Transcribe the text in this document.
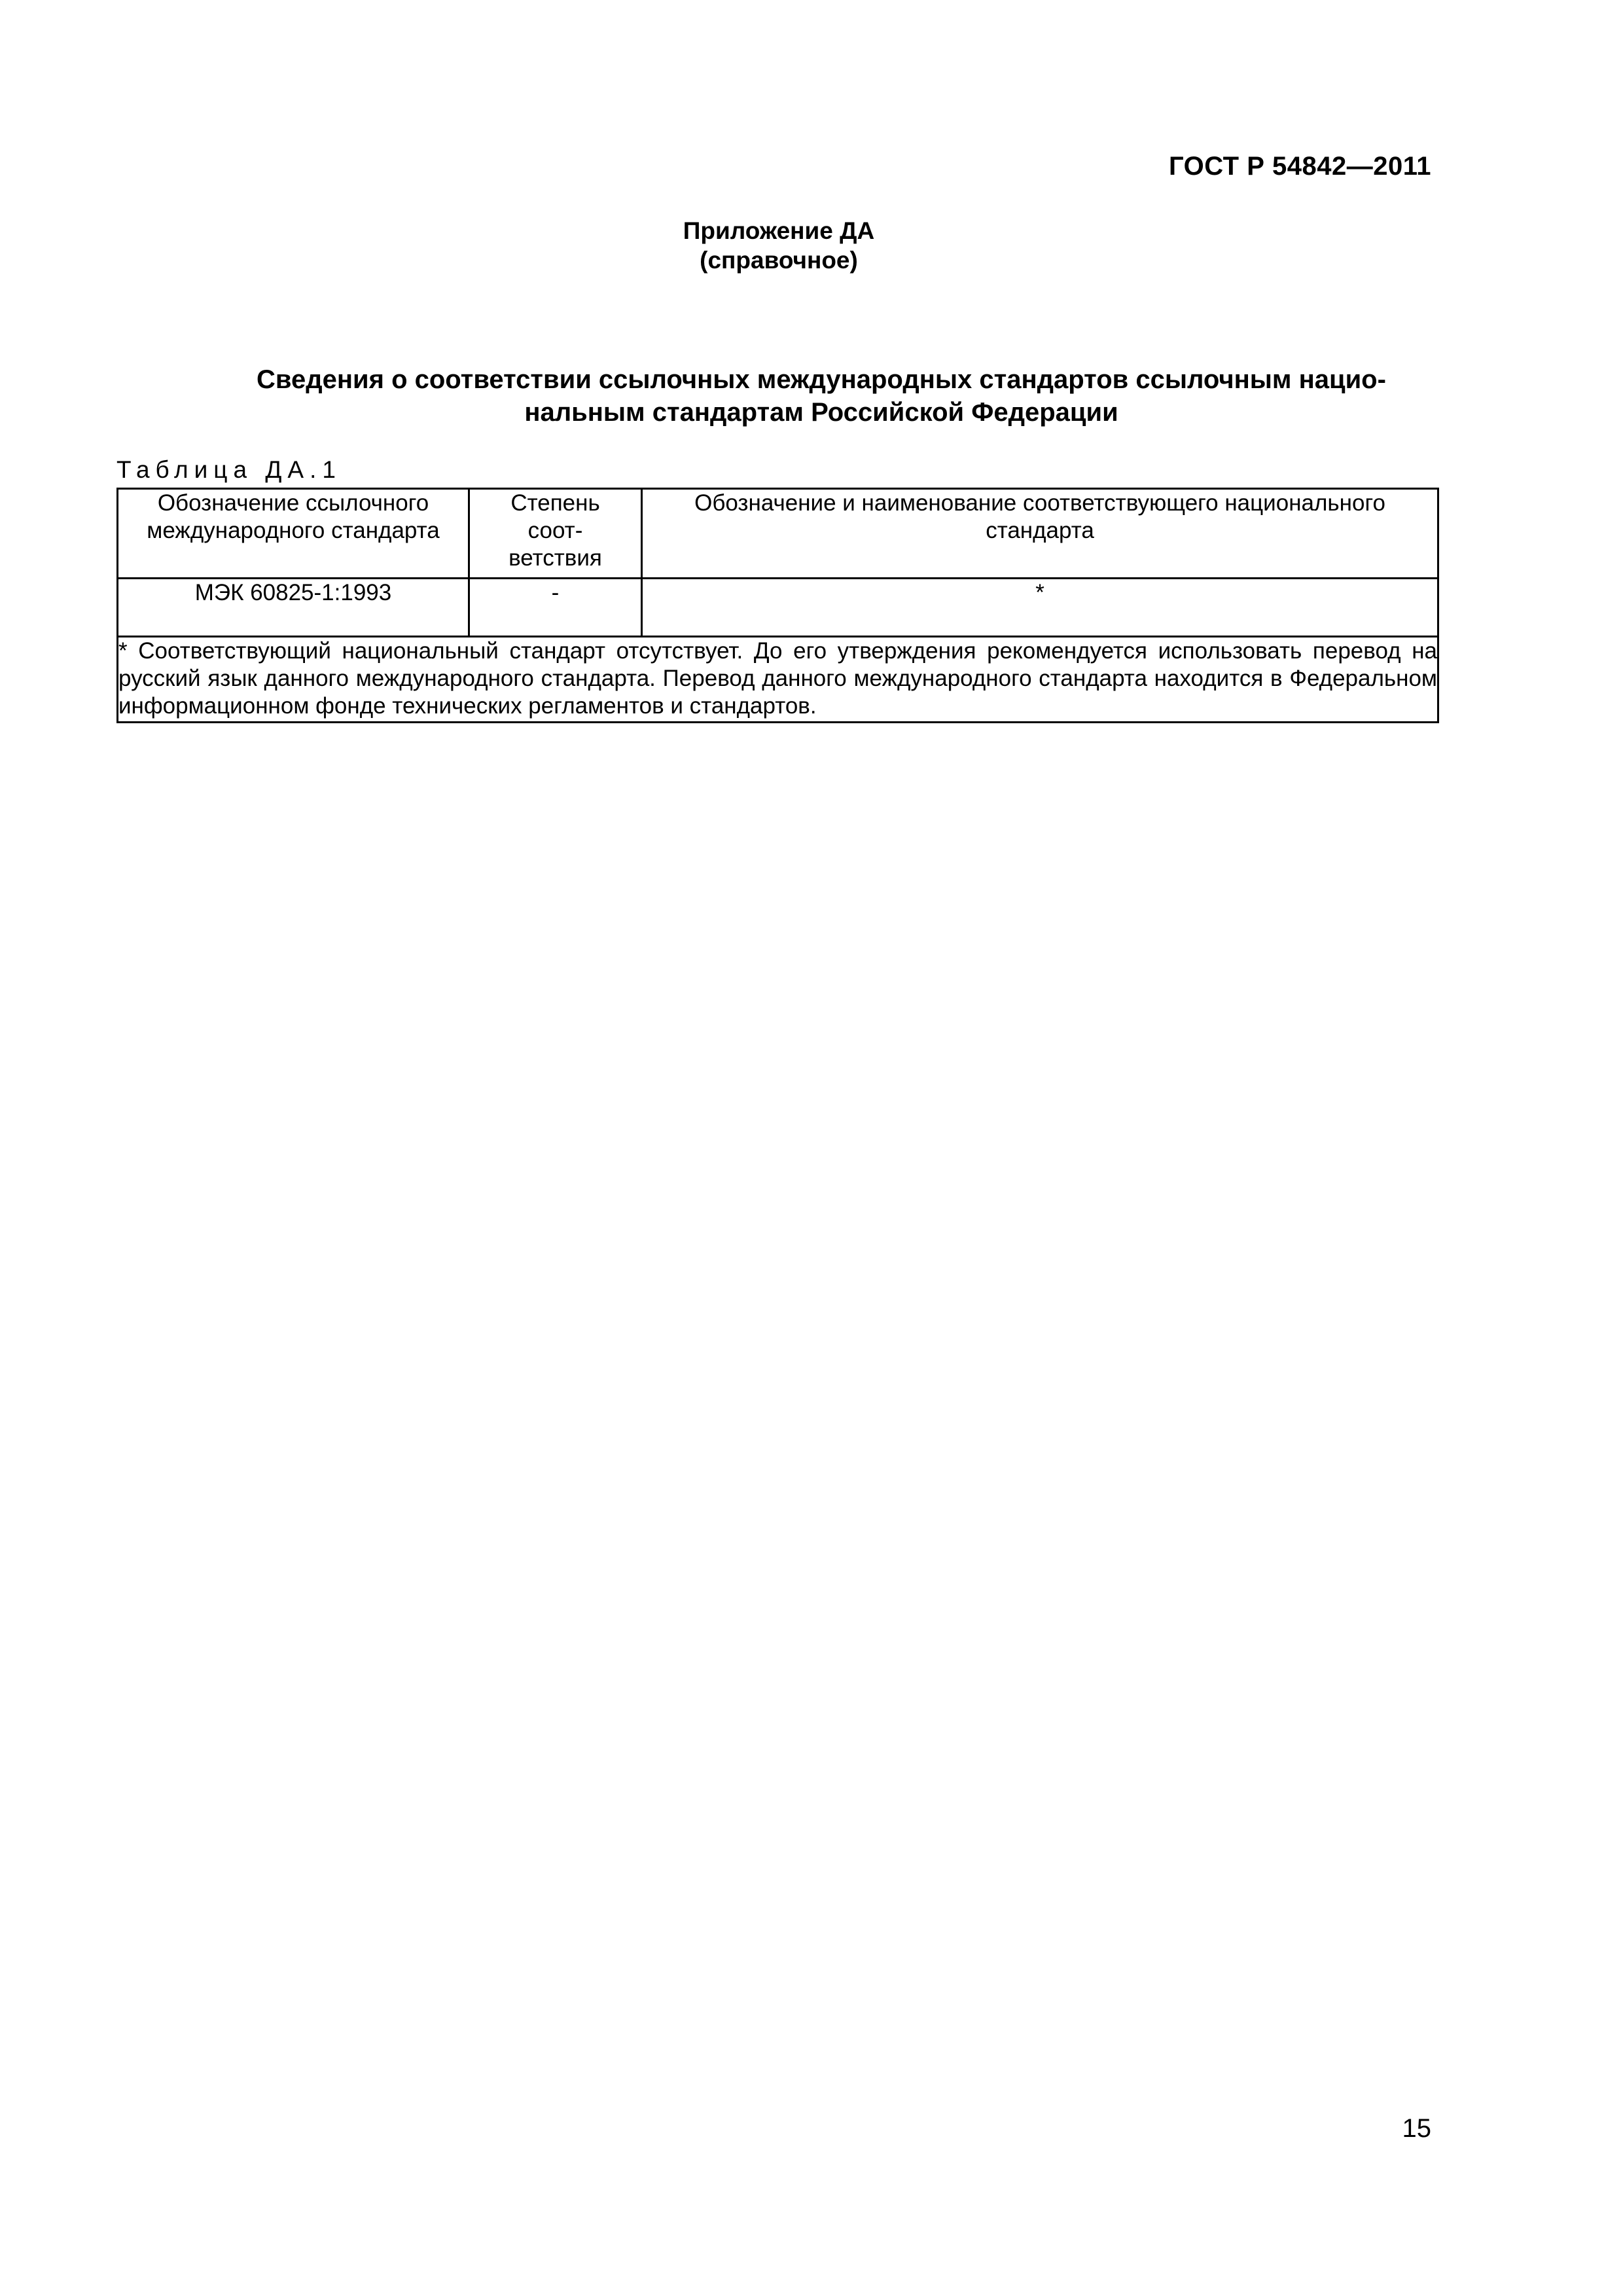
ГОСТ Р 54842—2011
Приложение ДА
(справочное)
Сведения о соответствии ссылочных международных стандартов ссылочным нацио-
нальным стандартам Российской Федерации
Таблица ДА.1
Обозначение ссылочного международного стандарта	Степень соот-ветствия	Обозначение и наименование соответствующего национального стандарта

МЭК 60825-1:1993	-	*
* Соответствующий национальный стандарт отсутствует. До его утверждения рекомендуется использовать перевод на русский язык данного международного стандарта. Перевод данного международного стандарта находится в Федеральном информационном фонде технических регламентов и стандартов.		
15
